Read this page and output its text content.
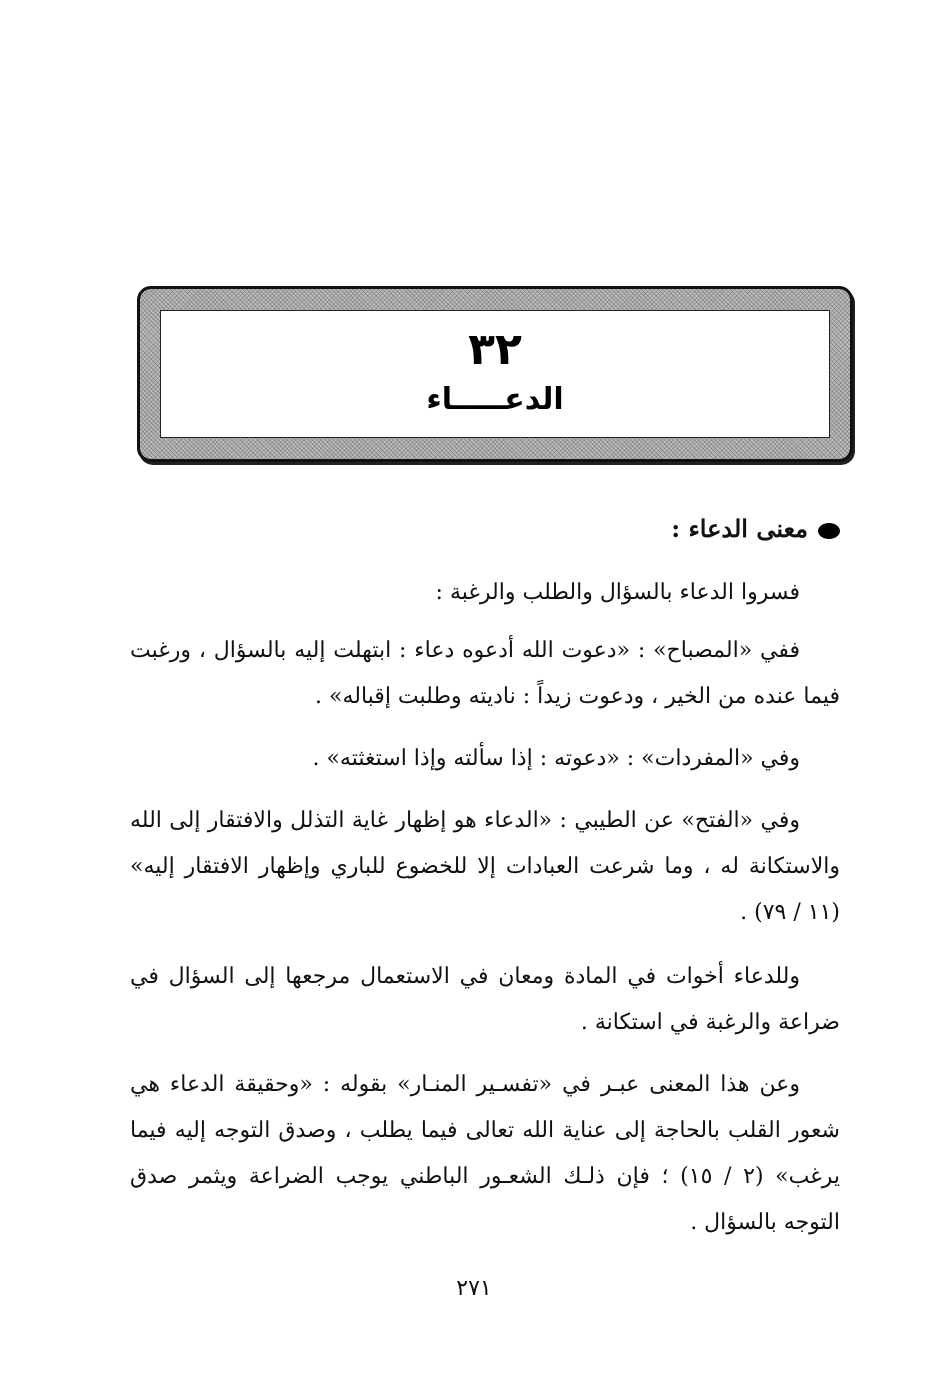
٣٢
الدعـــــاء
معنى الدعاء :

فسروا الدعاء بالسؤال والطلب والرغبة :

ففي «المصباح» : «دعوت الله أدعوه دعاء : ابتهلت إليه بالسؤال ، ورغبت فيما عنده من الخير ، ودعوت زيداً : ناديته وطلبت إقباله» .

وفي «المفردات» : «دعوته : إذا سألته وإذا استغثته» .

وفي «الفتح» عن الطيبي : «الدعاء هو إظهار غاية التذلل والافتقار إلى الله والاستكانة له ، وما شرعت العبادات إلا للخضوع للباري وإظهار الافتقار إليه» (١١ / ٧٩) .

وللدعاء أخوات في المادة ومعان في الاستعمال مرجعها إلى السؤال في ضراعة والرغبة في استكانة .

وعن هذا المعنى عبـر في «تفسـير المنـار» بقوله : «وحقيقة الدعاء هي شعور القلب بالحاجة إلى عناية الله تعالى فيما يطلب ، وصدق التوجه إليه فيما يرغب» (٢ / ١٥) ؛ فإن ذلـك الشعـور الباطني يوجب الضراعة ويثمر صدق التوجه بالسؤال .

٢٧١
